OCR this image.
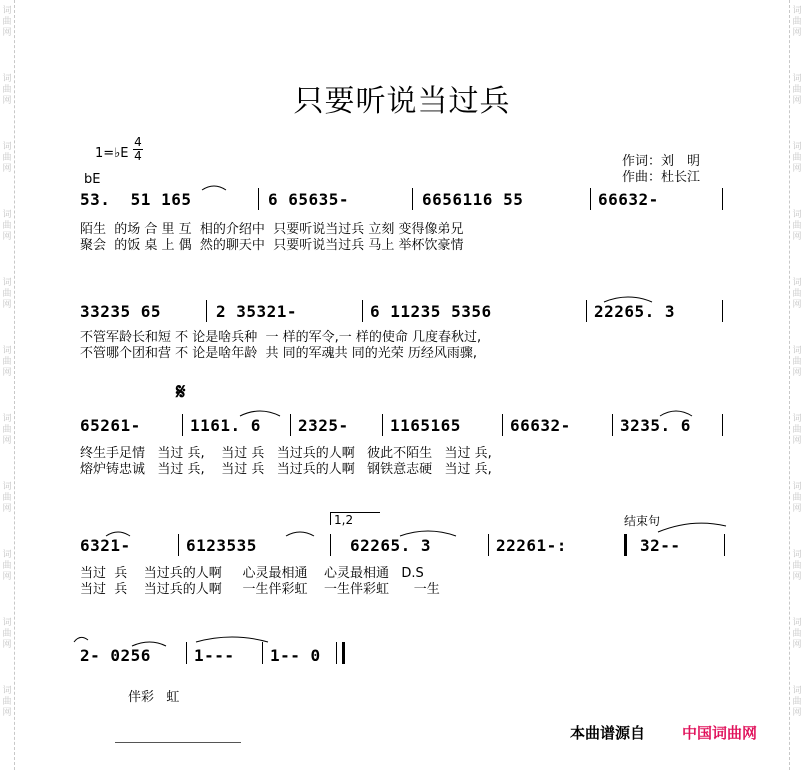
只要听说当过兵
1=♭E
4
4
bE
作词：刘　明
作曲：杜长江
53.  51 165	6 65635-	6656116 55	66632-
陌生  的场 合 里 互  相的介绍中  只要听说当过兵 立刻 变得像弟兄
聚会  的饭 桌 上 偶  然的聊天中  只要听说当过兵 马上 举杯饮豪情
33235 65	2 35321-	6 11235 5356	22265. 3
不管军龄长和短 不 论是啥兵种  一 样的军令,一 样的使命 几度春秋过,
不管哪个团和营 不 论是啥年龄  共 同的军魂共 同的光荣 历经风雨骤,
𝄋
65261-	1161. 6 2325-	1165165	66632-	3235. 6
终生手足情   当过 兵,    当过 兵   当过兵的人啊   彼此不陌生   当过 兵,
熔炉铸忠诚   当过 兵,    当过 兵   当过兵的人啊   钢铁意志硬   当过 兵,
1,2	结束句
6321-	6123535	62265. 3	22261-:	32--
当过  兵    当过兵的人啊     心灵最相通    心灵最相通   D.S
当过  兵    当过兵的人啊     一生伴彩虹    一生伴彩虹      一生
2- 0256	1--- 1-- 0
伴彩   虹
本曲谱源自 中国词曲网
词
曲
网
词
曲
网
词
曲
网
词
曲
网
词
曲
网
词
曲
网
词
曲
网
词
曲
网
词
曲
网
词
曲
网
词
曲
网
词
曲
网
词
曲
网
词
曲
网
词
曲
网
词
曲
网
词
曲
网
词
曲
网
词
曲
网
词
曲
网
词
曲
网
词
曲
网
